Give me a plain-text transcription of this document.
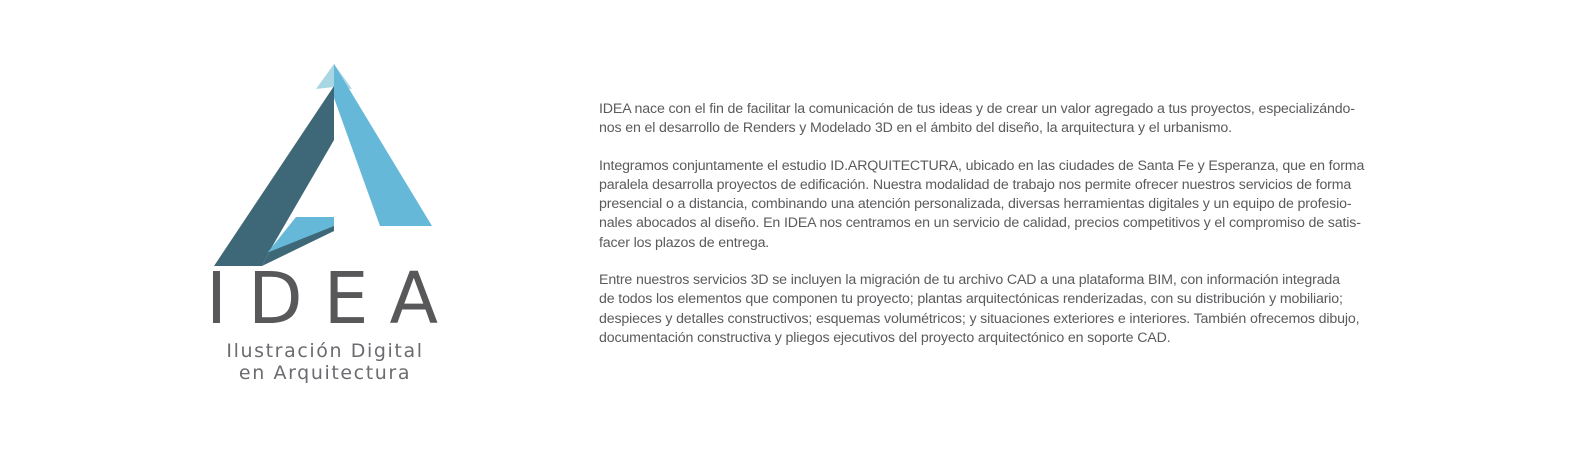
IDEA
Ilustración Digital
en Arquitectura

IDEA nace con el fin de facilitar la comunicación de tus ideas y de crear un valor agregado a tus proyectos, especializándo-
nos en el desarrollo de Renders y Modelado 3D en el ámbito del diseño, la arquitectura y el urbanismo.

Integramos conjuntamente el estudio ID.ARQUITECTURA, ubicado en las ciudades de Santa Fe y Esperanza, que en forma
paralela desarrolla proyectos de edificación. Nuestra modalidad de trabajo nos permite ofrecer nuestros servicios de forma
presencial o a distancia, combinando una atención personalizada, diversas herramientas digitales y un equipo de profesio-
nales abocados al diseño. En IDEA nos centramos en un servicio de calidad, precios competitivos y el compromiso de satis-
facer los plazos de entrega.

Entre nuestros servicios 3D se incluyen la migración de tu archivo CAD a una plataforma BIM, con información integrada
de todos los elementos que componen tu proyecto; plantas arquitectónicas renderizadas, con su distribución y mobiliario;
despieces y detalles constructivos; esquemas volumétricos; y situaciones exteriores e interiores. También ofrecemos dibujo,
documentación constructiva y pliegos ejecutivos del proyecto arquitectónico en soporte CAD.
